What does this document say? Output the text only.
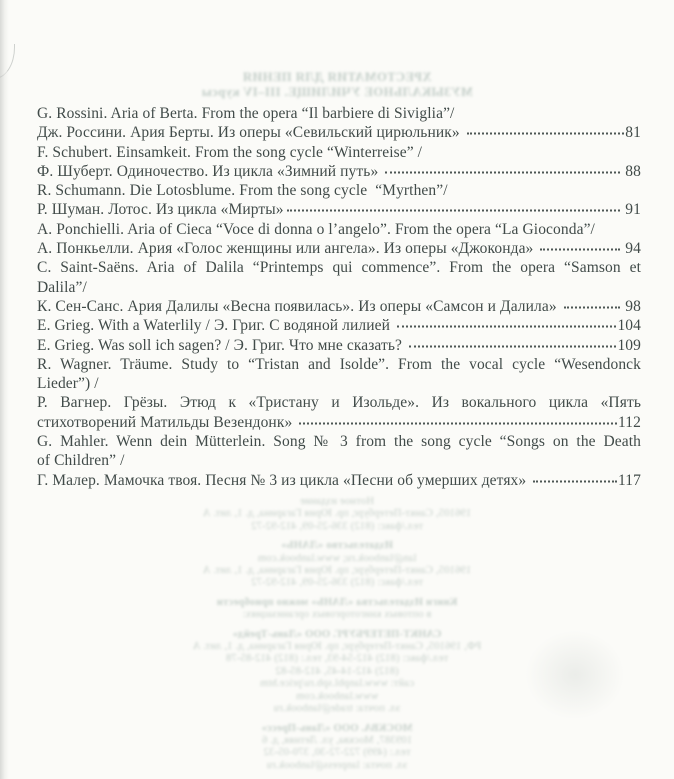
ХРЕСТОМАТИЯ ДЛЯ ПЕНИЯ
МУЗЫКАЛЬНОЕ УЧИЛИЩЕ. III–IV курсы
G. Rossini. Aria of Berta. From the opera “Il barbiere di Siviglia”/
Дж. Россини. Ария Берты. Из оперы «Севильский цирюльник»	81
F. Schubert. Einsamkeit. From the song cycle “Winterreise” /
Ф. Шуберт. Одиночество. Из цикла «Зимний путь»	88
R. Schumann. Die Lotosblume. From the song cycle  “Myrthen”/
Р. Шуман. Лотос. Из цикла «Мирты»	91
A. Ponchielli. Aria of Cieca “Voce di donna o l’angelo”. From the opera “La Gioconda”/
А. Понкьелли. Ария «Голос женщины или ангела». Из оперы «Джоконда»	94
C. Saint-Saëns. Aria of Dalila “Printemps qui commence”. From the opera “Samson et
Dalila”/
К. Сен-Санс. Ария Далилы «Весна появилась». Из оперы «Самсон и Далила»	98
E. Grieg. With a Waterlily / Э. Григ. С водяной лилией	104
E. Grieg. Was soll ich sagen? / Э. Григ. Что мне сказать?	109
R. Wagner. Träume. Study to “Tristan and Isolde”. From the vocal cycle “Wesendonck
Lieder”) /
Р. Вагнер. Грёзы. Этюд к «Тристану и Изольде». Из вокального цикла «Пять
стихотворений Матильды Везендонк»	112
G. Mahler. Wenn dein Mütterlein. Song № 3 from the song cycle “Songs on the Death
of Children” /
Г. Малер. Мамочка твоя. Песня № 3 из цикла «Песни об умерших детях»	117
Нотное издание
196105, Санкт-Петербург, пр. Юрия Гагарина, д. 1, лит. А
тел./факс: (812) 336-25-09, 412-92-72
Издательство «ЛАНЬ»
lan@lanbook.ru; www.lanbook.com
196105, Санкт-Петербург, пр. Юрия Гагарина, д. 1, лит. А
тел./факс: (812) 336-25-09, 412-92-72
Книги Издательства «ЛАНЬ» можно приобрести
в оптовых книготорговых организациях:
САНКТ-ПЕТЕРБУРГ. ООО «Лань-Трейд»
РФ, 196105, Санкт-Петербург, пр. Юрия Гагарина, д. 1, лит. А
тел./факс: (812) 412-54-93, тел.: (812) 412-85-78
(812) 412-14-45, 412-85-82
сайт: www.lanpbl.spb.ru/price.htm
www.lanbook.com
эл. почта: trade@lanbook.ru
МОСКВА. ООО «Лань-Пресс»
109387, Москва, ул. Летняя, д. 6
тел.: (499) 722-72-30, 370-05-32
эл. почта: lanpress@lanbook.ru
